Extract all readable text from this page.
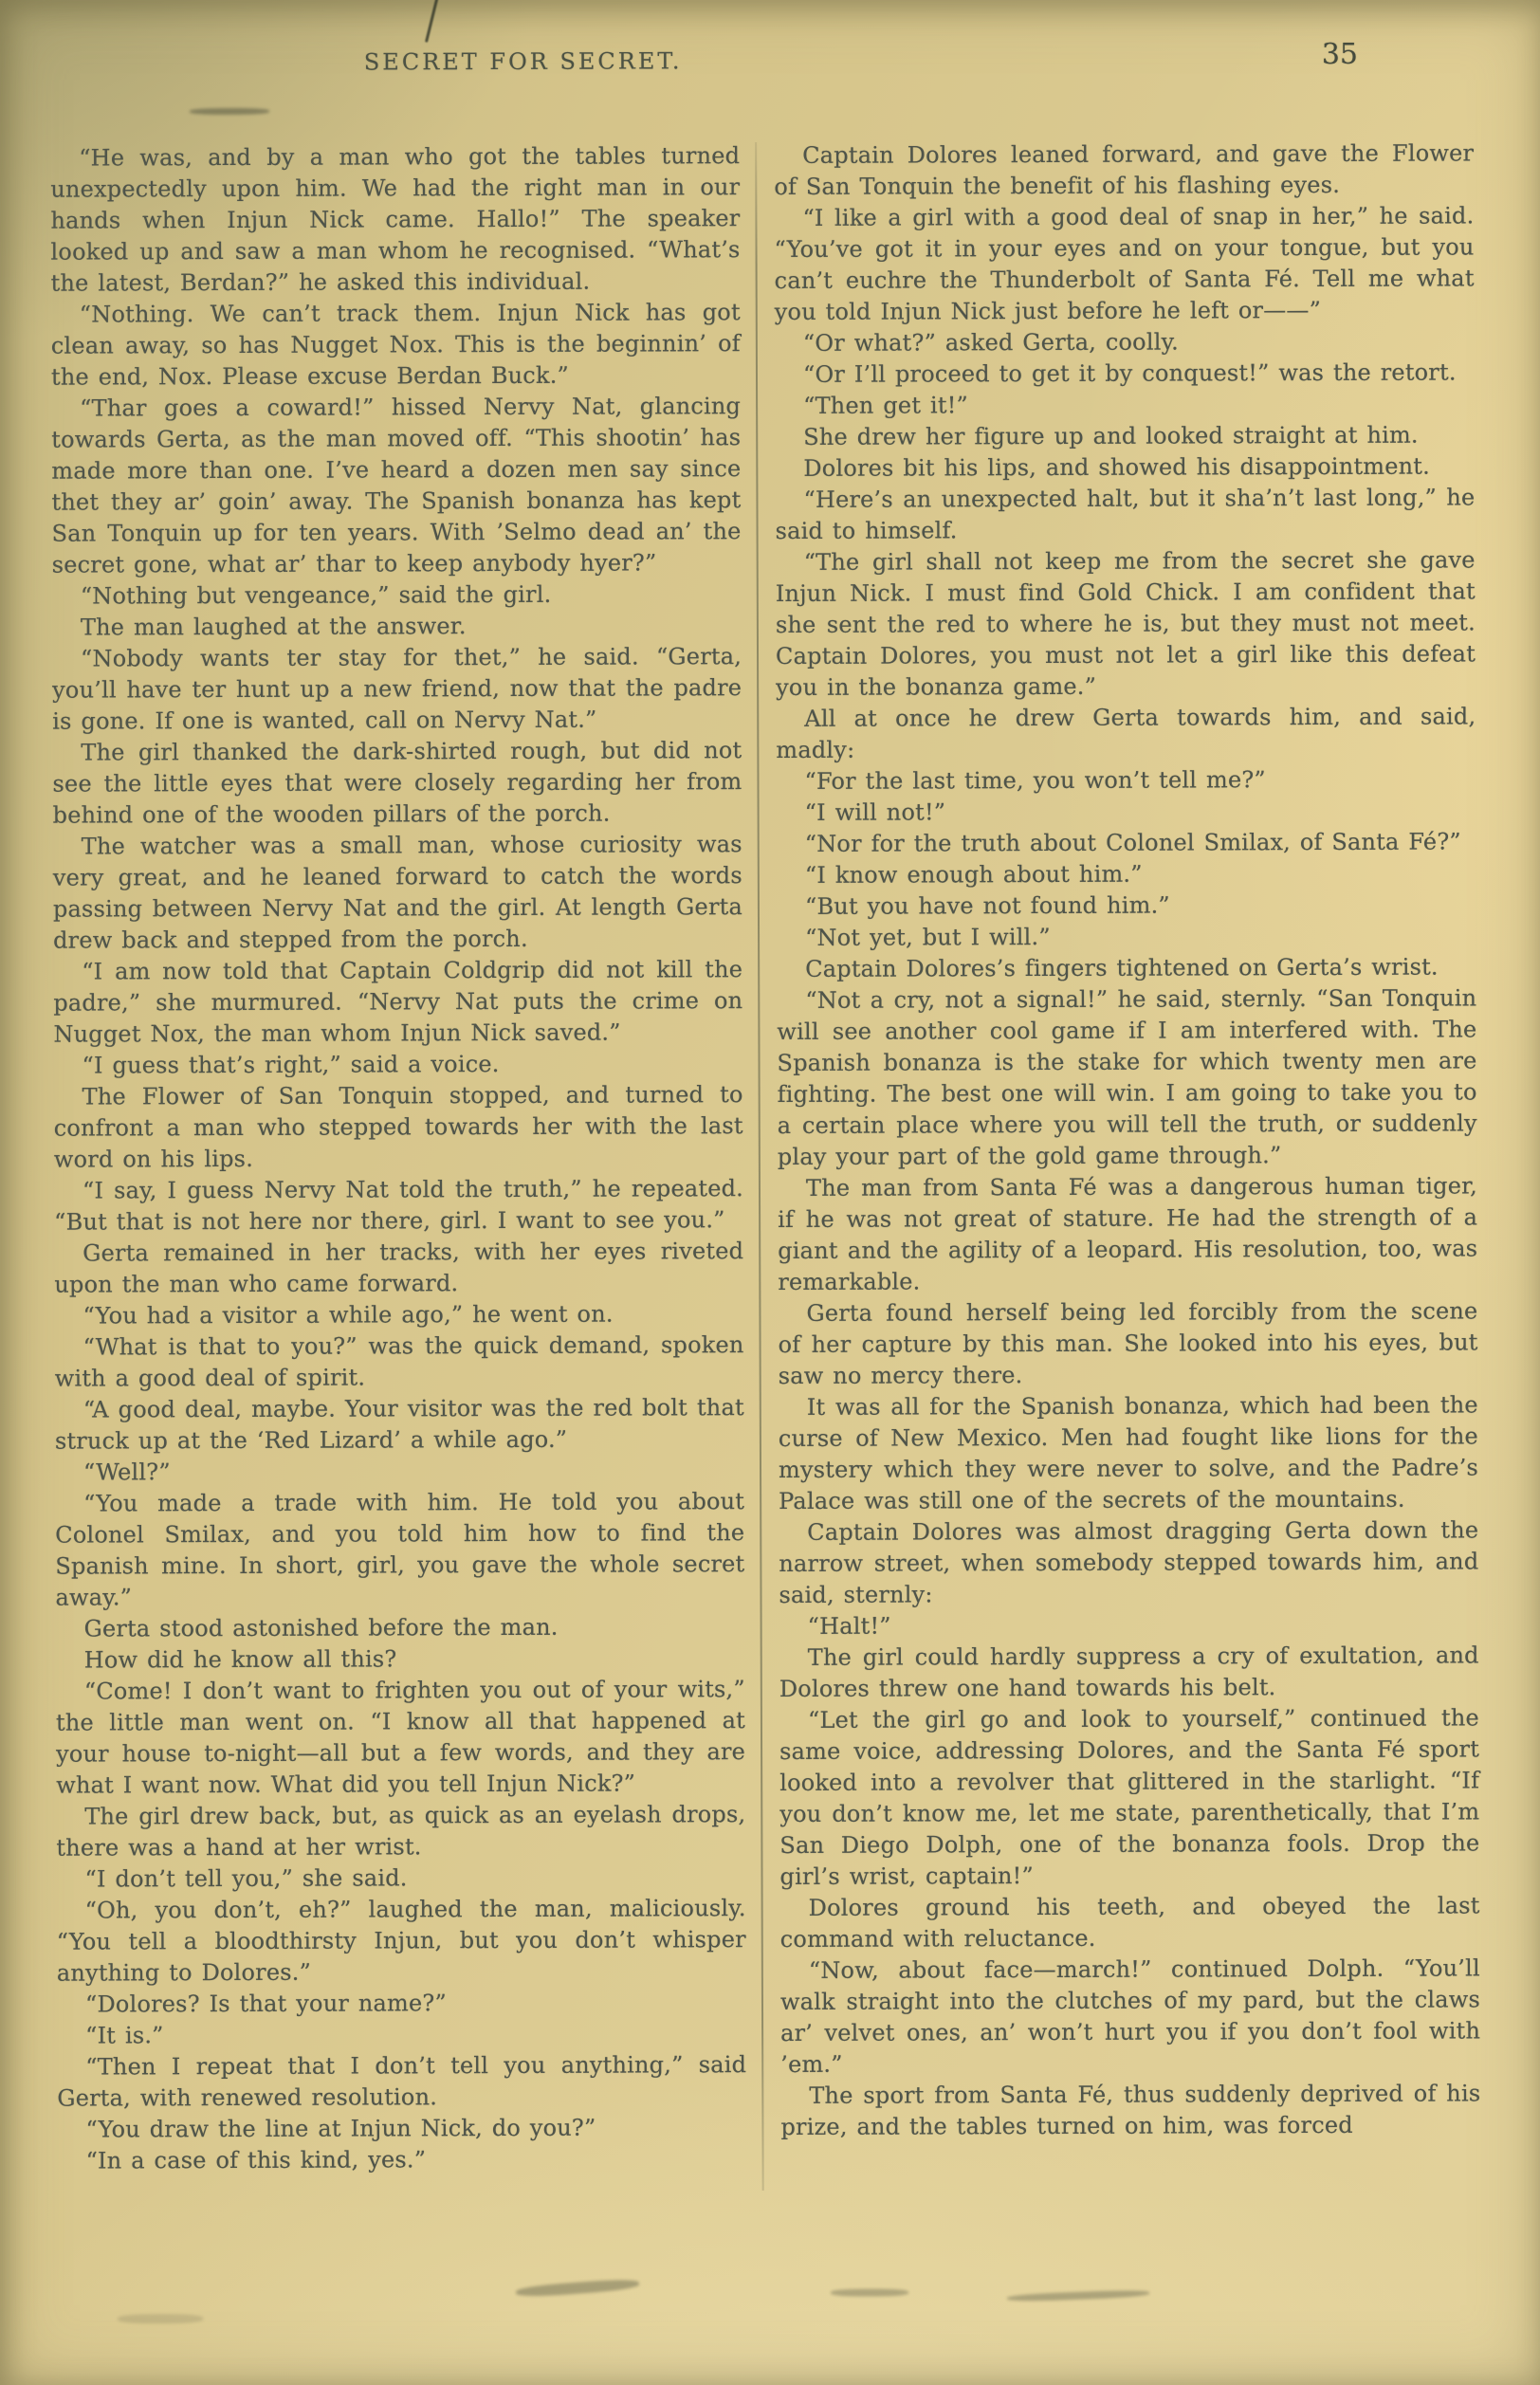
SECRET FOR SECRET.	35

“He was, and by a man who got the tables turned unexpectedly upon him. We had the right man in our hands when Injun Nick came. Hallo!” The speaker looked up and saw a man whom he recognised. “What’s the latest, Berdan?” he asked this individual.

“Nothing. We can’t track them. Injun Nick has got clean away, so has Nugget Nox. This is the beginnin’ of the end, Nox. Please excuse Berdan Buck.”

“Thar goes a coward!” hissed Nervy Nat, glancing towards Gerta, as the man moved off. “This shootin’ has made more than one. I’ve heard a dozen men say since thet they ar’ goin’ away. The Spanish bonanza has kept San Tonquin up for ten years. With ’Selmo dead an’ the secret gone, what ar’ thar to keep anybody hyer?”

“Nothing but vengeance,” said the girl.

The man laughed at the answer.

“Nobody wants ter stay for thet,” he said. “Gerta, you’ll have ter hunt up a new friend, now that the padre is gone. If one is wanted, call on Nervy Nat.”

The girl thanked the dark-shirted rough, but did not see the little eyes that were closely regarding her from behind one of the wooden pillars of the porch.

The watcher was a small man, whose curiosity was very great, and he leaned forward to catch the words passing between Nervy Nat and the girl. At length Gerta drew back and stepped from the porch.

“I am now told that Captain Coldgrip did not kill the padre,” she murmured. “Nervy Nat puts the crime on Nugget Nox, the man whom Injun Nick saved.”

“I guess that’s right,” said a voice.

The Flower of San Tonquin stopped, and turned to confront a man who stepped towards her with the last word on his lips.

“I say, I guess Nervy Nat told the truth,” he repeated. “But that is not here nor there, girl. I want to see you.”

Gerta remained in her tracks, with her eyes riveted upon the man who came forward.

“You had a visitor a while ago,” he went on.

“What is that to you?” was the quick demand, spoken with a good deal of spirit.

“A good deal, maybe. Your visitor was the red bolt that struck up at the ‘Red Lizard’ a while ago.”

“Well?”

“You made a trade with him. He told you about Colonel Smilax, and you told him how to find the Spanish mine. In short, girl, you gave the whole secret away.”

Gerta stood astonished before the man.

How did he know all this?

“Come! I don’t want to frighten you out of your wits,” the little man went on. “I know all that happened at your house to-night—all but a few words, and they are what I want now. What did you tell Injun Nick?”

The girl drew back, but, as quick as an eyelash drops, there was a hand at her wrist.

“I don’t tell you,” she said.

“Oh, you don’t, eh?” laughed the man, maliciously. “You tell a bloodthirsty Injun, but you don’t whisper anything to Dolores.”

“Dolores? Is that your name?”

“It is.”

“Then I repeat that I don’t tell you anything,” said Gerta, with renewed resolution.

“You draw the line at Injun Nick, do you?”

“In a case of this kind, yes.”

Captain Dolores leaned forward, and gave the Flower of San Tonquin the benefit of his flashing eyes.

“I like a girl with a good deal of snap in her,” he said. “You’ve got it in your eyes and on your tongue, but you can’t euchre the Thunderbolt of Santa Fé. Tell me what you told Injun Nick just before he left or——”

“Or what?” asked Gerta, coolly.

“Or I’ll proceed to get it by conquest!” was the retort.

“Then get it!”

She drew her figure up and looked straight at him.

Dolores bit his lips, and showed his disappointment.

“Here’s an unexpected halt, but it sha’n’t last long,” he said to himself.

“The girl shall not keep me from the secret she gave Injun Nick. I must find Gold Chick. I am confident that she sent the red to where he is, but they must not meet. Captain Dolores, you must not let a girl like this defeat you in the bonanza game.”

All at once he drew Gerta towards him, and said, madly:

“For the last time, you won’t tell me?”

“I will not!”

“Nor for the truth about Colonel Smilax, of Santa Fé?”

“I know enough about him.”

“But you have not found him.”

“Not yet, but I will.”

Captain Dolores’s fingers tightened on Gerta’s wrist.

“Not a cry, not a signal!” he said, sternly. “San Tonquin will see another cool game if I am interfered with. The Spanish bonanza is the stake for which twenty men are fighting. The best one will win. I am going to take you to a certain place where you will tell the truth, or suddenly play your part of the gold game through.”

The man from Santa Fé was a dangerous human tiger, if he was not great of stature. He had the strength of a giant and the agility of a leopard. His resolution, too, was remarkable.

Gerta found herself being led forcibly from the scene of her capture by this man. She looked into his eyes, but saw no mercy there.

It was all for the Spanish bonanza, which had been the curse of New Mexico. Men had fought like lions for the mystery which they were never to solve, and the Padre’s Palace was still one of the secrets of the mountains.

Captain Dolores was almost dragging Gerta down the narrow street, when somebody stepped towards him, and said, sternly:

“Halt!”

The girl could hardly suppress a cry of exultation, and Dolores threw one hand towards his belt.

“Let the girl go and look to yourself,” continued the same voice, addressing Dolores, and the Santa Fé sport looked into a revolver that glittered in the starlight. “If you don’t know me, let me state, parenthetically, that I’m San Diego Dolph, one of the bonanza fools. Drop the girl’s wrist, captain!”

Dolores ground his teeth, and obeyed the last command with reluctance.

“Now, about face—march!” continued Dolph. “You’ll walk straight into the clutches of my pard, but the claws ar’ velvet ones, an’ won’t hurt you if you don’t fool with ’em.”

The sport from Santa Fé, thus suddenly deprived of his prize, and the tables turned on him, was forced
